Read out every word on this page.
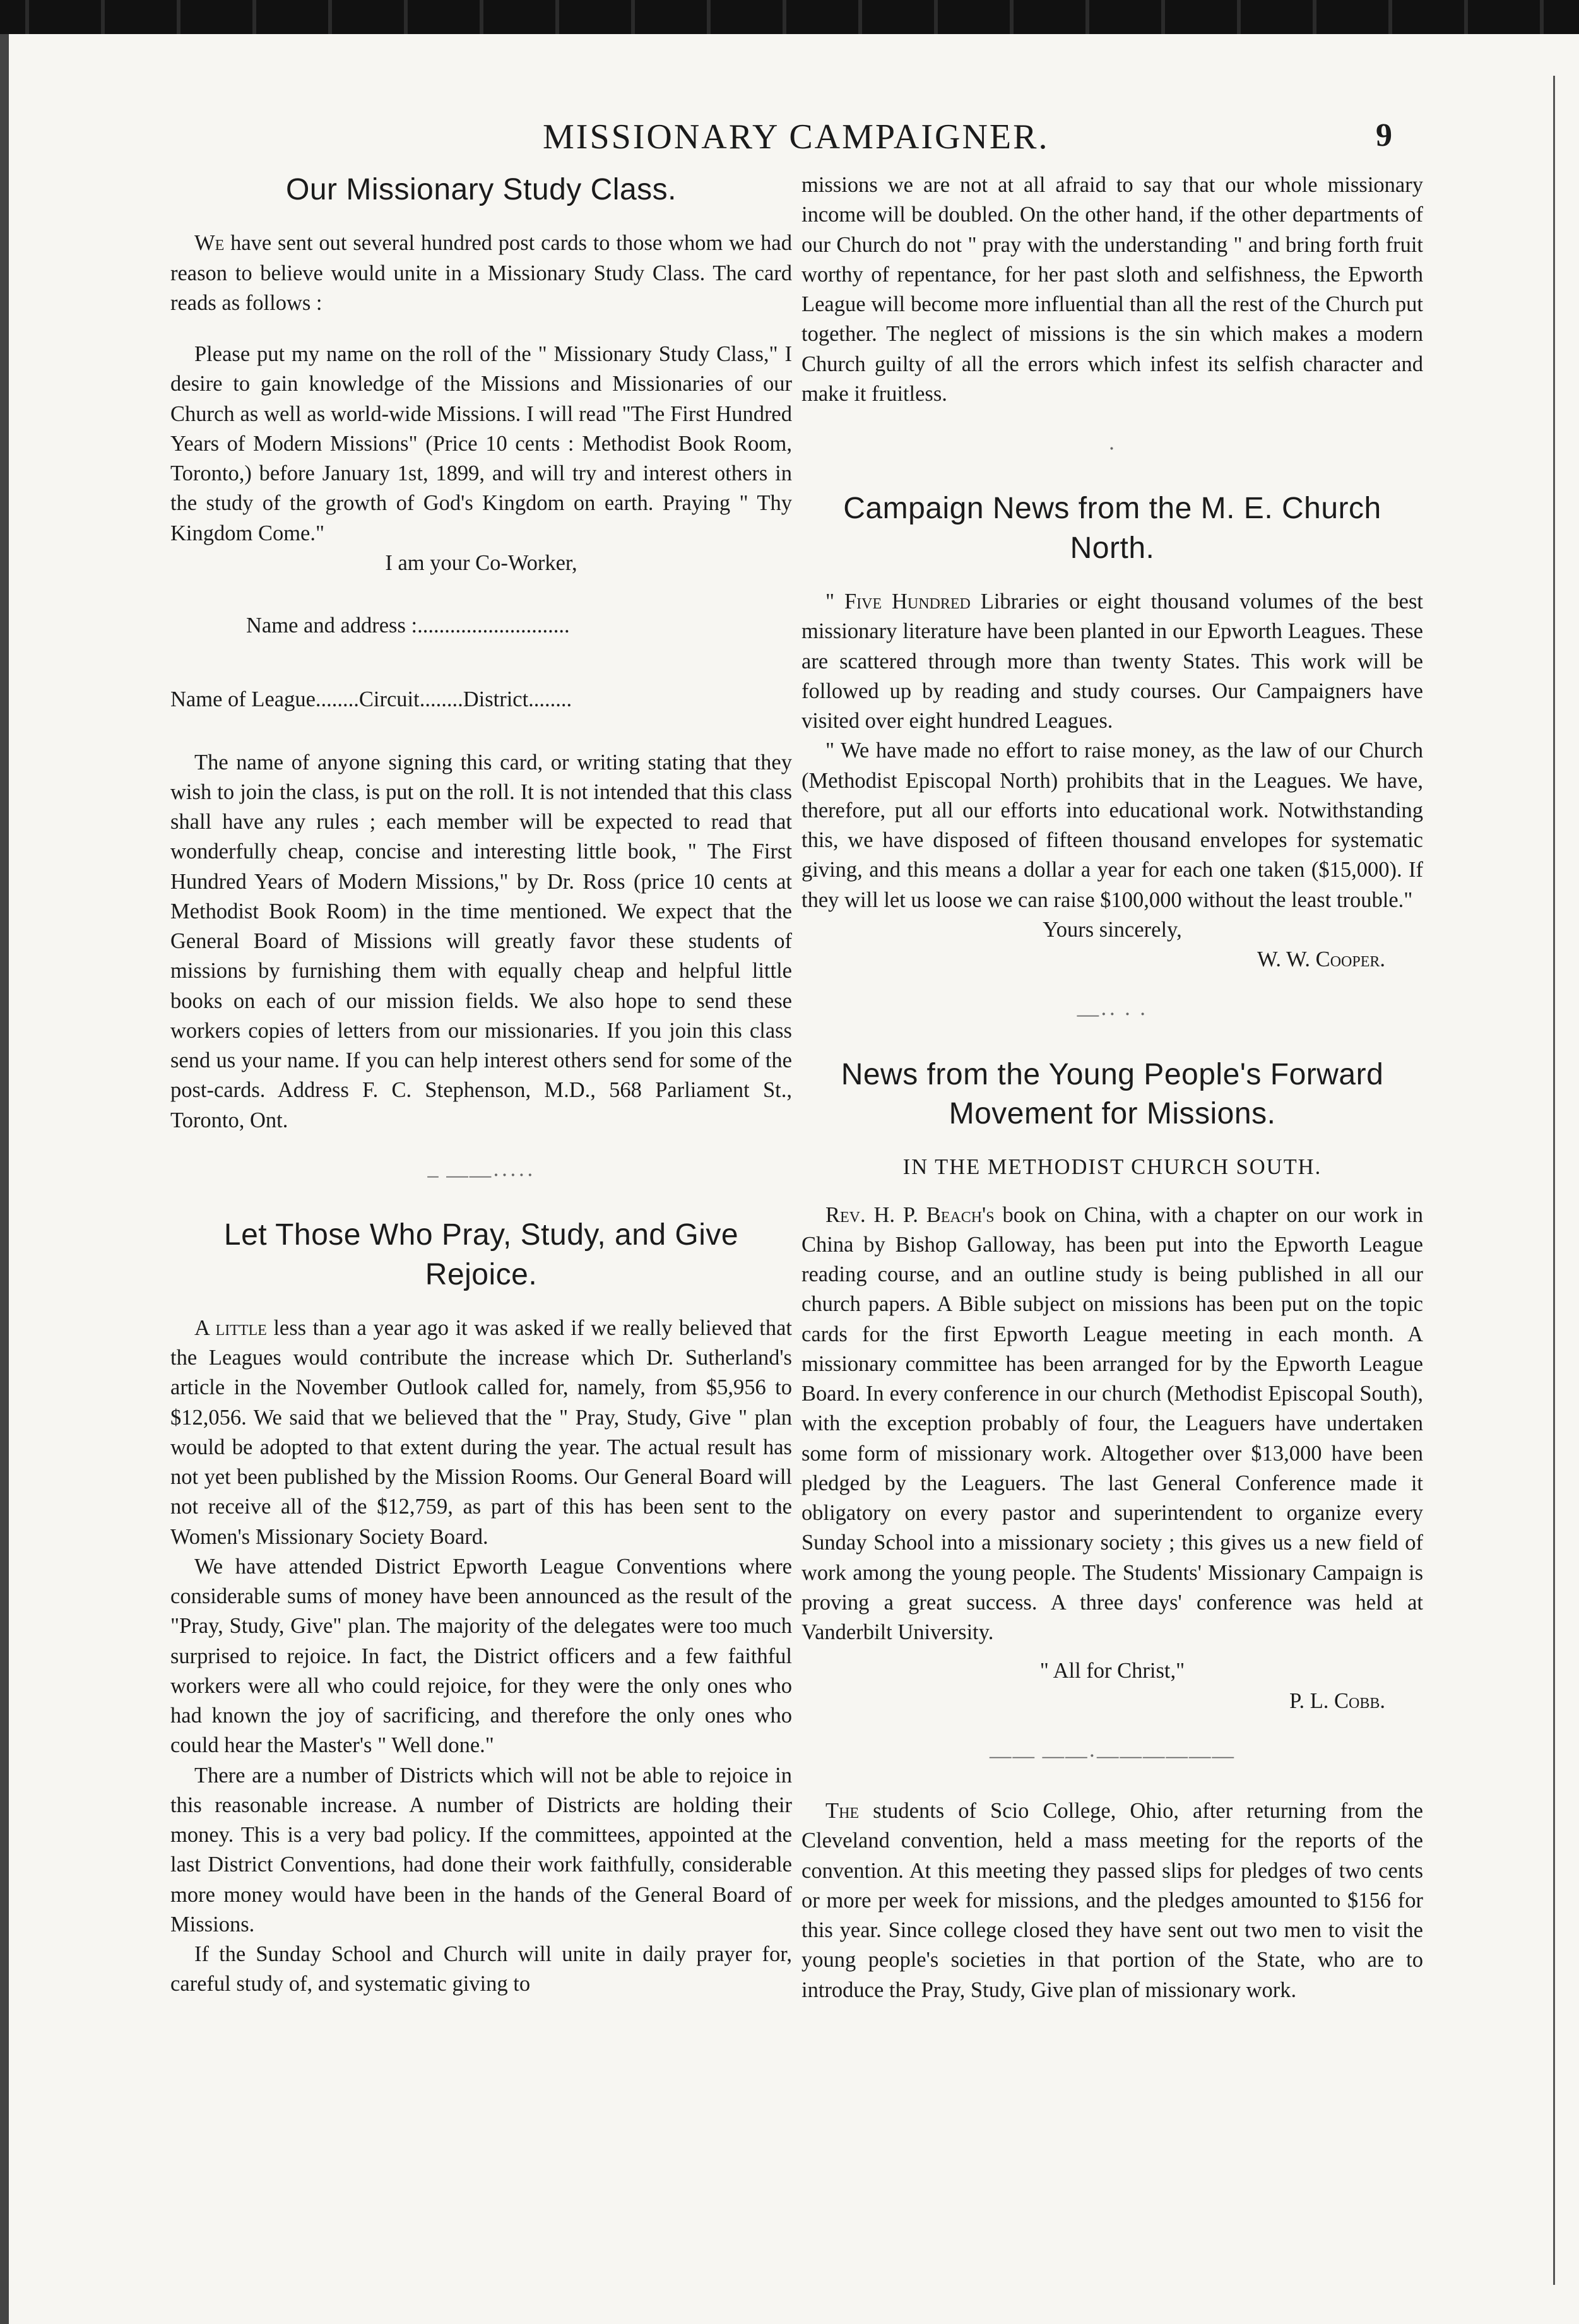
MISSIONARY CAMPAIGNER.	9
Our Missionary Study Class.

We have sent out several hundred post cards to those whom we had reason to believe would unite in a Missionary Study Class. The card reads as follows :

Please put my name on the roll of the " Missionary Study Class," I desire to gain knowledge of the Missions and Missionaries of our Church as well as world-wide Missions. I will read "The First Hundred Years of Modern Missions" (Price 10 cents : Methodist Book Room, Toronto,) before January 1st, 1899, and will try and interest others in the study of the growth of God's Kingdom on earth. Praying " Thy Kingdom Come."

I am your Co-Worker,

Name and address :............................

Name of League........Circuit........District........

The name of anyone signing this card, or writing stating that they wish to join the class, is put on the roll. It is not intended that this class shall have any rules ; each member will be expected to read that wonderfully cheap, concise and interesting little book, " The First Hundred Years of Modern Missions," by Dr. Ross (price 10 cents at Methodist Book Room) in the time mentioned. We expect that the General Board of Missions will greatly favor these students of missions by furnishing them with equally cheap and helpful little books on each of our mission fields. We also hope to send these workers copies of letters from our missionaries. If you join this class send us your name. If you can help interest others send for some of the post-cards. Address F. C. Stephenson, M.D., 568 Parliament St., Toronto, Ont.

– ——·····
Let Those Who Pray, Study, and Give Rejoice.

A little less than a year ago it was asked if we really believed that the Leagues would contribute the increase which Dr. Sutherland's article in the November Outlook called for, namely, from $5,956 to $12,056. We said that we believed that the " Pray, Study, Give " plan would be adopted to that extent during the year. The actual result has not yet been published by the Mission Rooms. Our General Board will not receive all of the $12,759, as part of this has been sent to the Women's Missionary Society Board.

We have attended District Epworth League Conventions where considerable sums of money have been announced as the result of the "Pray, Study, Give" plan. The majority of the delegates were too much surprised to rejoice. In fact, the District officers and a few faithful workers were all who could rejoice, for they were the only ones who had known the joy of sacrificing, and therefore the only ones who could hear the Master's " Well done."

There are a number of Districts which will not be able to rejoice in this reasonable increase. A number of Districts are holding their money. This is a very bad policy. If the committees, appointed at the last District Conventions, had done their work faithfully, considerable more money would have been in the hands of the General Board of Missions.

If the Sunday School and Church will unite in daily prayer for, careful study of, and systematic giving to

missions we are not at all afraid to say that our whole missionary income will be doubled. On the other hand, if the other departments of our Church do not " pray with the understanding " and bring forth fruit worthy of repentance, for her past sloth and selfishness, the Epworth League will become more influential than all the rest of the Church put together. The neglect of missions is the sin which makes a modern Church guilty of all the errors which infest its selfish character and make it fruitless.

·
Campaign News from the M. E. Church North.

" Five Hundred Libraries or eight thousand volumes of the best missionary literature have been planted in our Epworth Leagues. These are scattered through more than twenty States. This work will be followed up by reading and study courses. Our Campaigners have visited over eight hundred Leagues.

" We have made no effort to raise money, as the law of our Church (Methodist Episcopal North) prohibits that in the Leagues. We have, therefore, put all our efforts into educational work. Notwithstanding this, we have disposed of fifteen thousand envelopes for systematic giving, and this means a dollar a year for each one taken ($15,000). If they will let us loose we can raise $100,000 without the least trouble."

Yours sincerely,

W. W. Cooper.

—·· · ·
News from the Young People's Forward Movement for Missions.

IN THE METHODIST CHURCH SOUTH.

Rev. H. P. Beach's book on China, with a chapter on our work in China by Bishop Galloway, has been put into the Epworth League reading course, and an outline study is being published in all our church papers. A Bible subject on missions has been put on the topic cards for the first Epworth League meeting in each month. A missionary committee has been arranged for by the Epworth League Board. In every conference in our church (Methodist Episcopal South), with the exception probably of four, the Leaguers have undertaken some form of missionary work. Altogether over $13,000 have been pledged by the Leaguers. The last General Conference made it obligatory on every pastor and superintendent to organize every Sunday School into a missionary society ; this gives us a new field of work among the young people. The Students' Missionary Campaign is proving a great success. A three days' conference was held at Vanderbilt University.

" All for Christ,"

P. L. Cobb.

—— ——·——————

The students of Scio College, Ohio, after returning from the Cleveland convention, held a mass meeting for the reports of the convention. At this meeting they passed slips for pledges of two cents or more per week for missions, and the pledges amounted to $156 for this year. Since college closed they have sent out two men to visit the young people's societies in that portion of the State, who are to introduce the Pray, Study, Give plan of missionary work.
